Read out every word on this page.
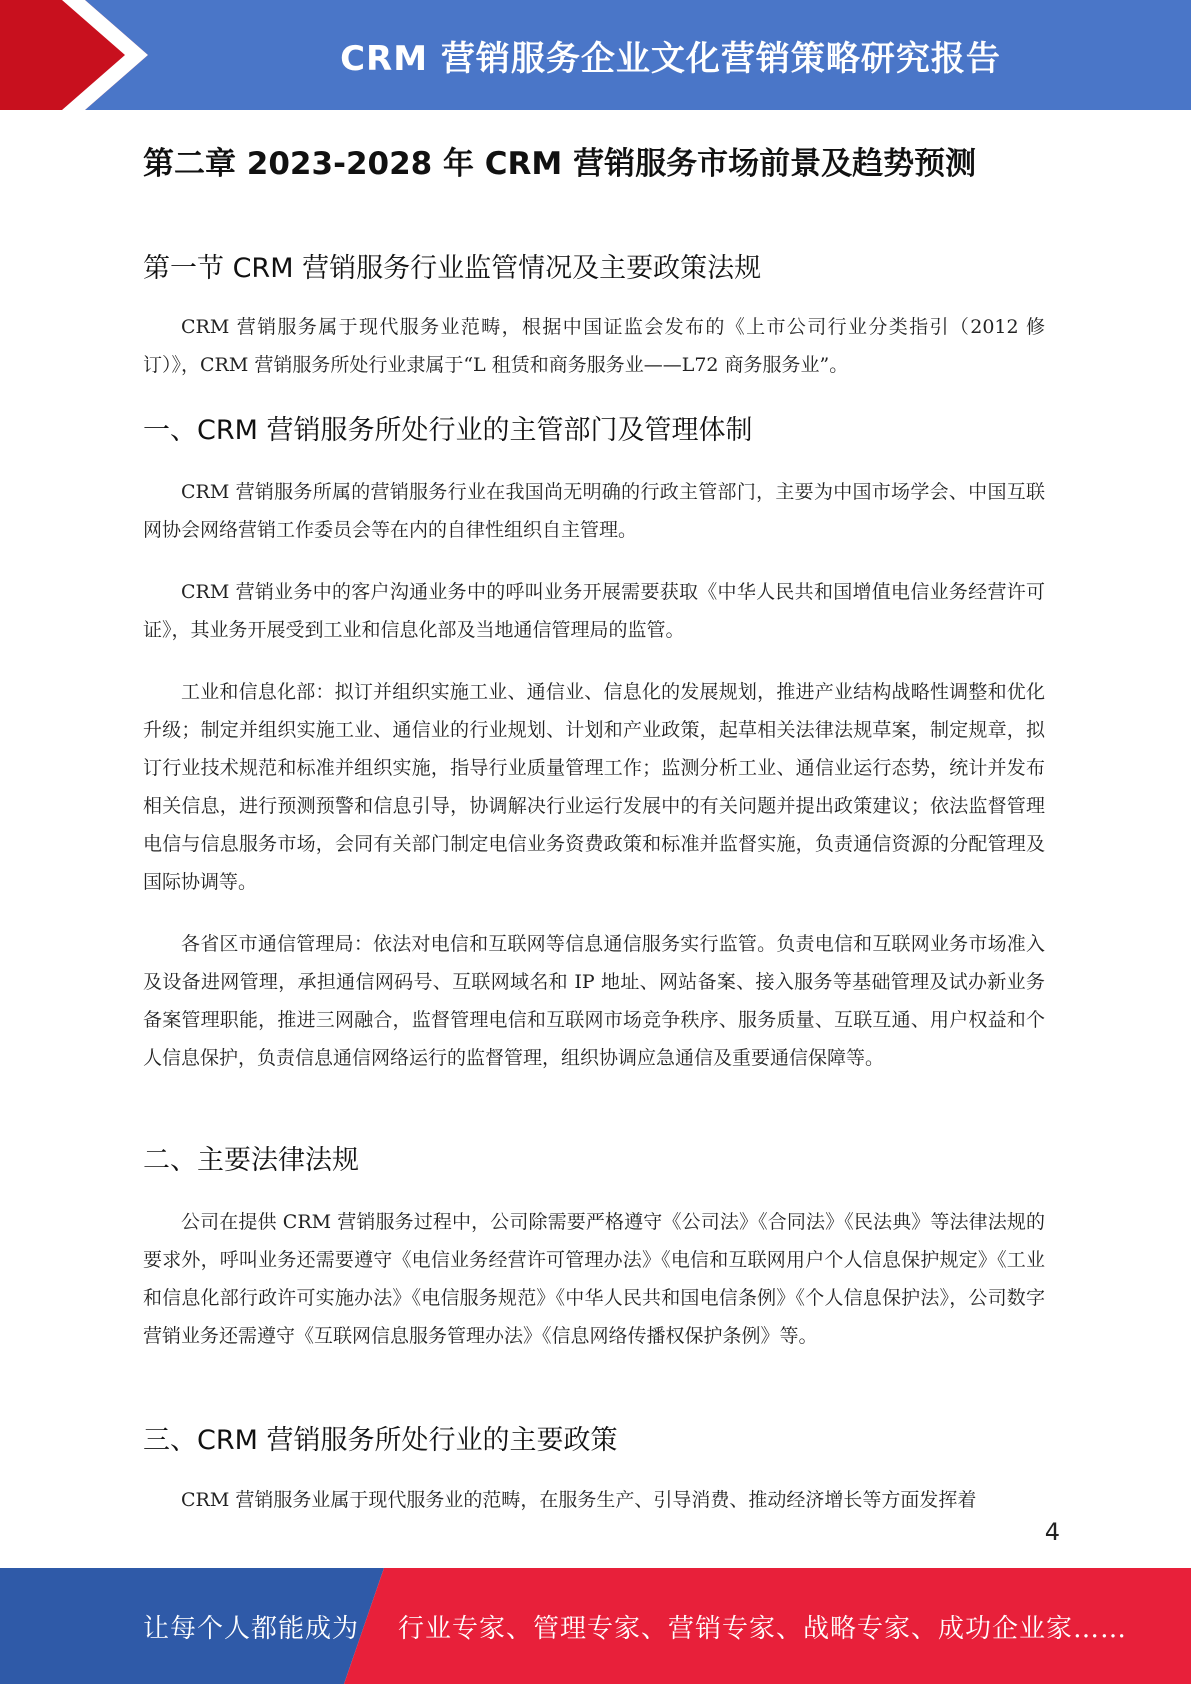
CRM 营销服务企业文化营销策略研究报告
第二章 2023-2028 年 CRM 营销服务市场前景及趋势预测
第一节 CRM 营销服务行业监管情况及主要政策法规
CRM 营销服务属于现代服务业范畴，根据中国证监会发布的《上市公司行业分类指引（2012 修订）》，CRM 营销服务所处行业隶属于“L 租赁和商务服务业——L72 商务服务业”。
一、CRM 营销服务所处行业的主管部门及管理体制
CRM 营销服务所属的营销服务行业在我国尚无明确的行政主管部门，主要为中国市场学会、中国互联网协会网络营销工作委员会等在内的自律性组织自主管理。
CRM 营销业务中的客户沟通业务中的呼叫业务开展需要获取《中华人民共和国增值电信业务经营许可证》，其业务开展受到工业和信息化部及当地通信管理局的监管。
工业和信息化部：拟订并组织实施工业、通信业、信息化的发展规划，推进产业结构战略性调整和优化升级；制定并组织实施工业、通信业的行业规划、计划和产业政策，起草相关法律法规草案，制定规章，拟订行业技术规范和标准并组织实施，指导行业质量管理工作；监测分析工业、通信业运行态势，统计并发布相关信息，进行预测预警和信息引导，协调解决行业运行发展中的有关问题并提出政策建议；依法监督管理电信与信息服务市场，会同有关部门制定电信业务资费政策和标准并监督实施，负责通信资源的分配管理及国际协调等。
各省区市通信管理局：依法对电信和互联网等信息通信服务实行监管。负责电信和互联网业务市场准入及设备进网管理，承担通信网码号、互联网域名和 IP 地址、网站备案、接入服务等基础管理及试办新业务备案管理职能，推进三网融合，监督管理电信和互联网市场竞争秩序、服务质量、互联互通、用户权益和个人信息保护，负责信息通信网络运行的监督管理，组织协调应急通信及重要通信保障等。
二、主要法律法规
公司在提供 CRM 营销服务过程中，公司除需要严格遵守《公司法》《合同法》《民法典》等法律法规的要求外，呼叫业务还需要遵守《电信业务经营许可管理办法》《电信和互联网用户个人信息保护规定》《工业和信息化部行政许可实施办法》《电信服务规范》《中华人民共和国电信条例》《个人信息保护法》，公司数字营销业务还需遵守《互联网信息服务管理办法》《信息网络传播权保护条例》等。
三、CRM 营销服务所处行业的主要政策
CRM 营销服务业属于现代服务业的范畴，在服务生产、引导消费、推动经济增长等方面发挥着
4
让每个人都能成为 行业专家、管理专家、营销专家、战略专家、成功企业家……
